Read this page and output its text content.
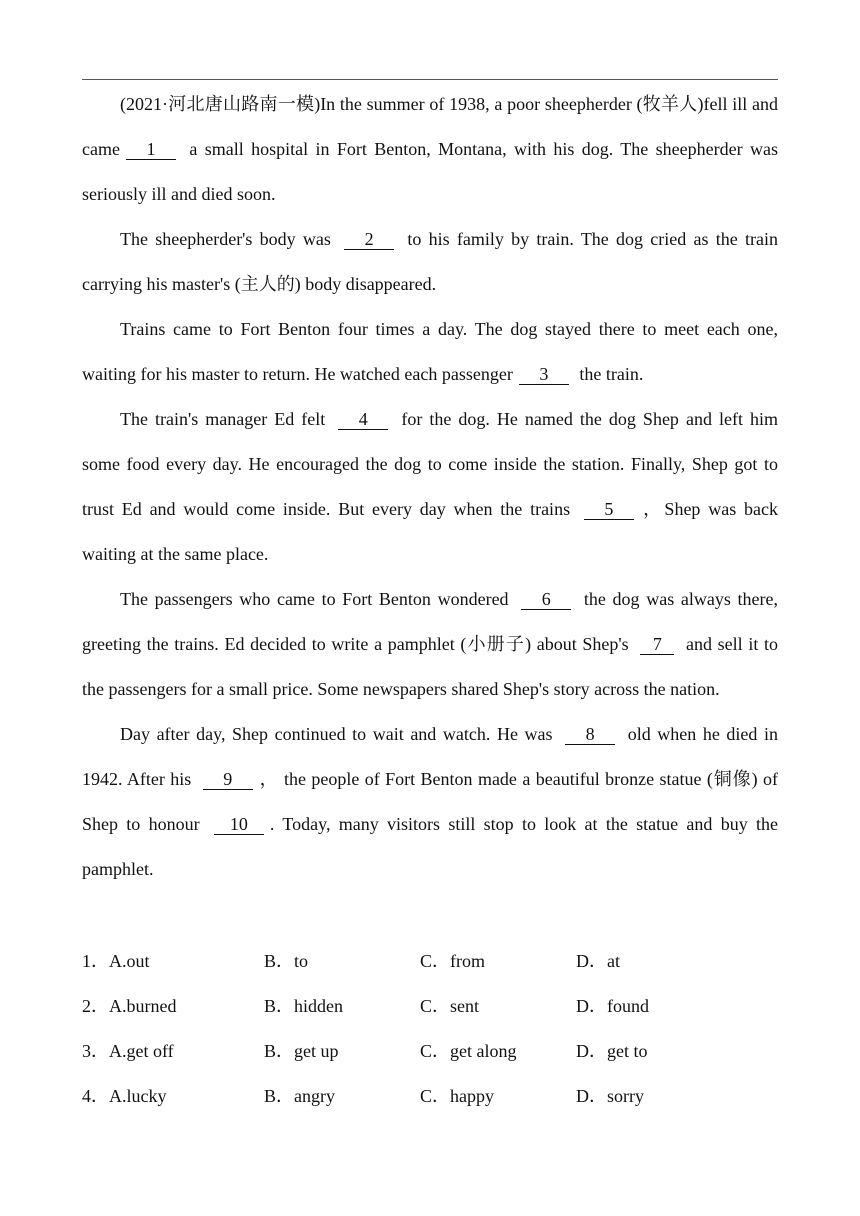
(2021·河北唐山路南一模)In the summer of 1938, a poor sheepherder (牧羊人)fell ill and came 1 a small hospital in Fort Benton, Montana, with his dog. The sheepherder was seriously ill and died soon.

The sheepherder's body was 2 to his family by train. The dog cried as the train carrying his master's (主人的) body disappeared.

Trains came to Fort Benton four times a day. The dog stayed there to meet each one, waiting for his master to return. He watched each passenger 3 the train.

The train's manager Ed felt 4 for the dog. He named the dog Shep and left him some food every day. He encouraged the dog to come inside the station. Finally, Shep got to trust Ed and would come inside. But every day when the trains 5 ，Shep was back waiting at the same place.

The passengers who came to Fort Benton wondered 6 the dog was always there, greeting the trains. Ed decided to write a pamphlet (小册子) about Shep's 7 and sell it to the passengers for a small price. Some newspapers shared Shep's story across the nation.

Day after day, Shep continued to wait and watch. He was 8 old when he died in 1942. After his 9 ， the people of Fort Benton made a beautiful bronze statue (铜像) of Shep to honour 10 . Today, many visitors still stop to look at the statue and buy the pamphlet.

1．A.out	B．to	C．from	D．at
2．A.burned	B．hidden	C．sent	D．found
3．A.get off	B．get up	C．get along	D．get to
4．A.lucky	B．angry	C．happy	D．sorry
